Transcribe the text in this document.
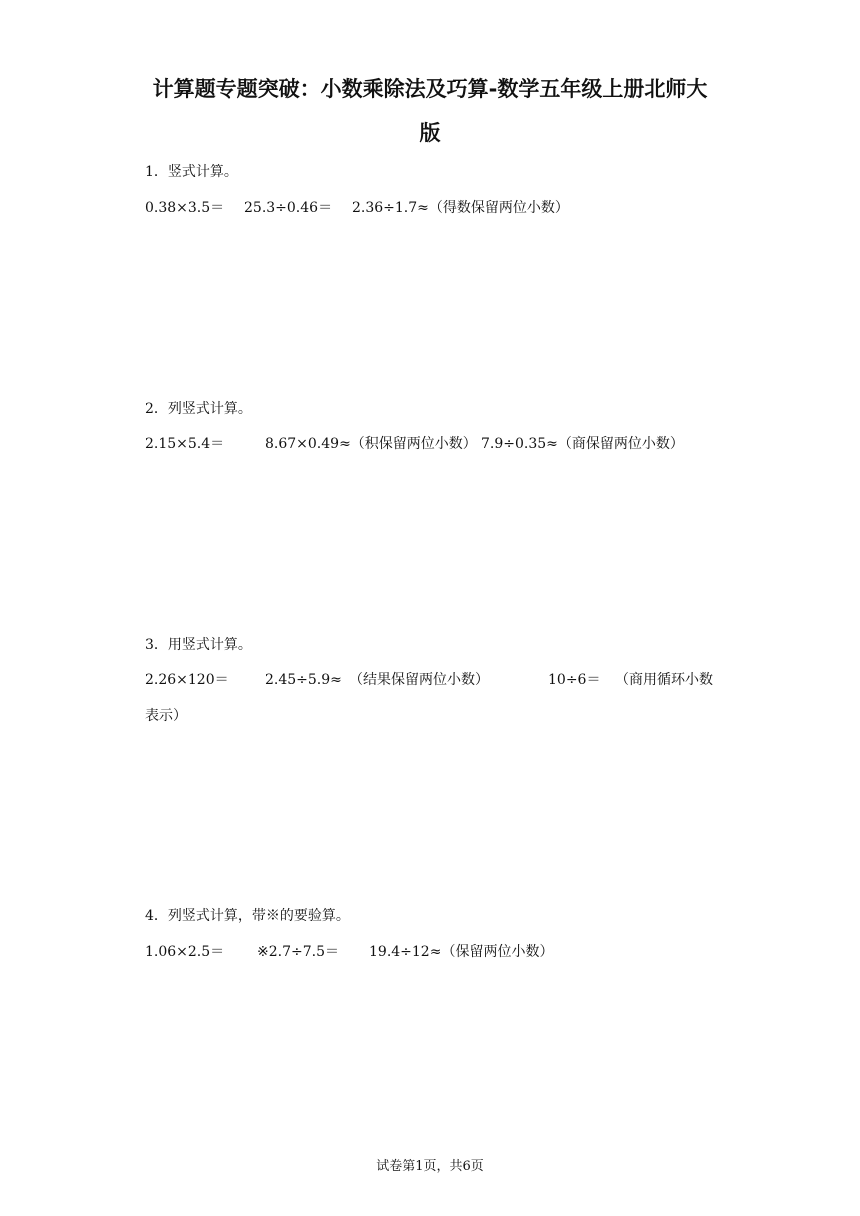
计算题专题突破：小数乘除法及巧算-数学五年级上册北师大
版
1．竖式计算。
0.38×3.5＝ 25.3÷0.46＝ 2.36÷1.7≈（得数保留两位小数）
2．列竖式计算。
2.15×5.4＝	8.67×0.49≈（积保留两位小数） 7.9÷0.35≈（商保留两位小数）
3．用竖式计算。
2.26×120＝	2.45÷5.9≈ （结果保留两位小数）	10÷6＝ （商用循环小数
表示）
4．列竖式计算，带※的要验算。
1.06×2.5＝ ※2.7÷7.5＝ 19.4÷12≈（保留两位小数）
试卷第1页，共6页
